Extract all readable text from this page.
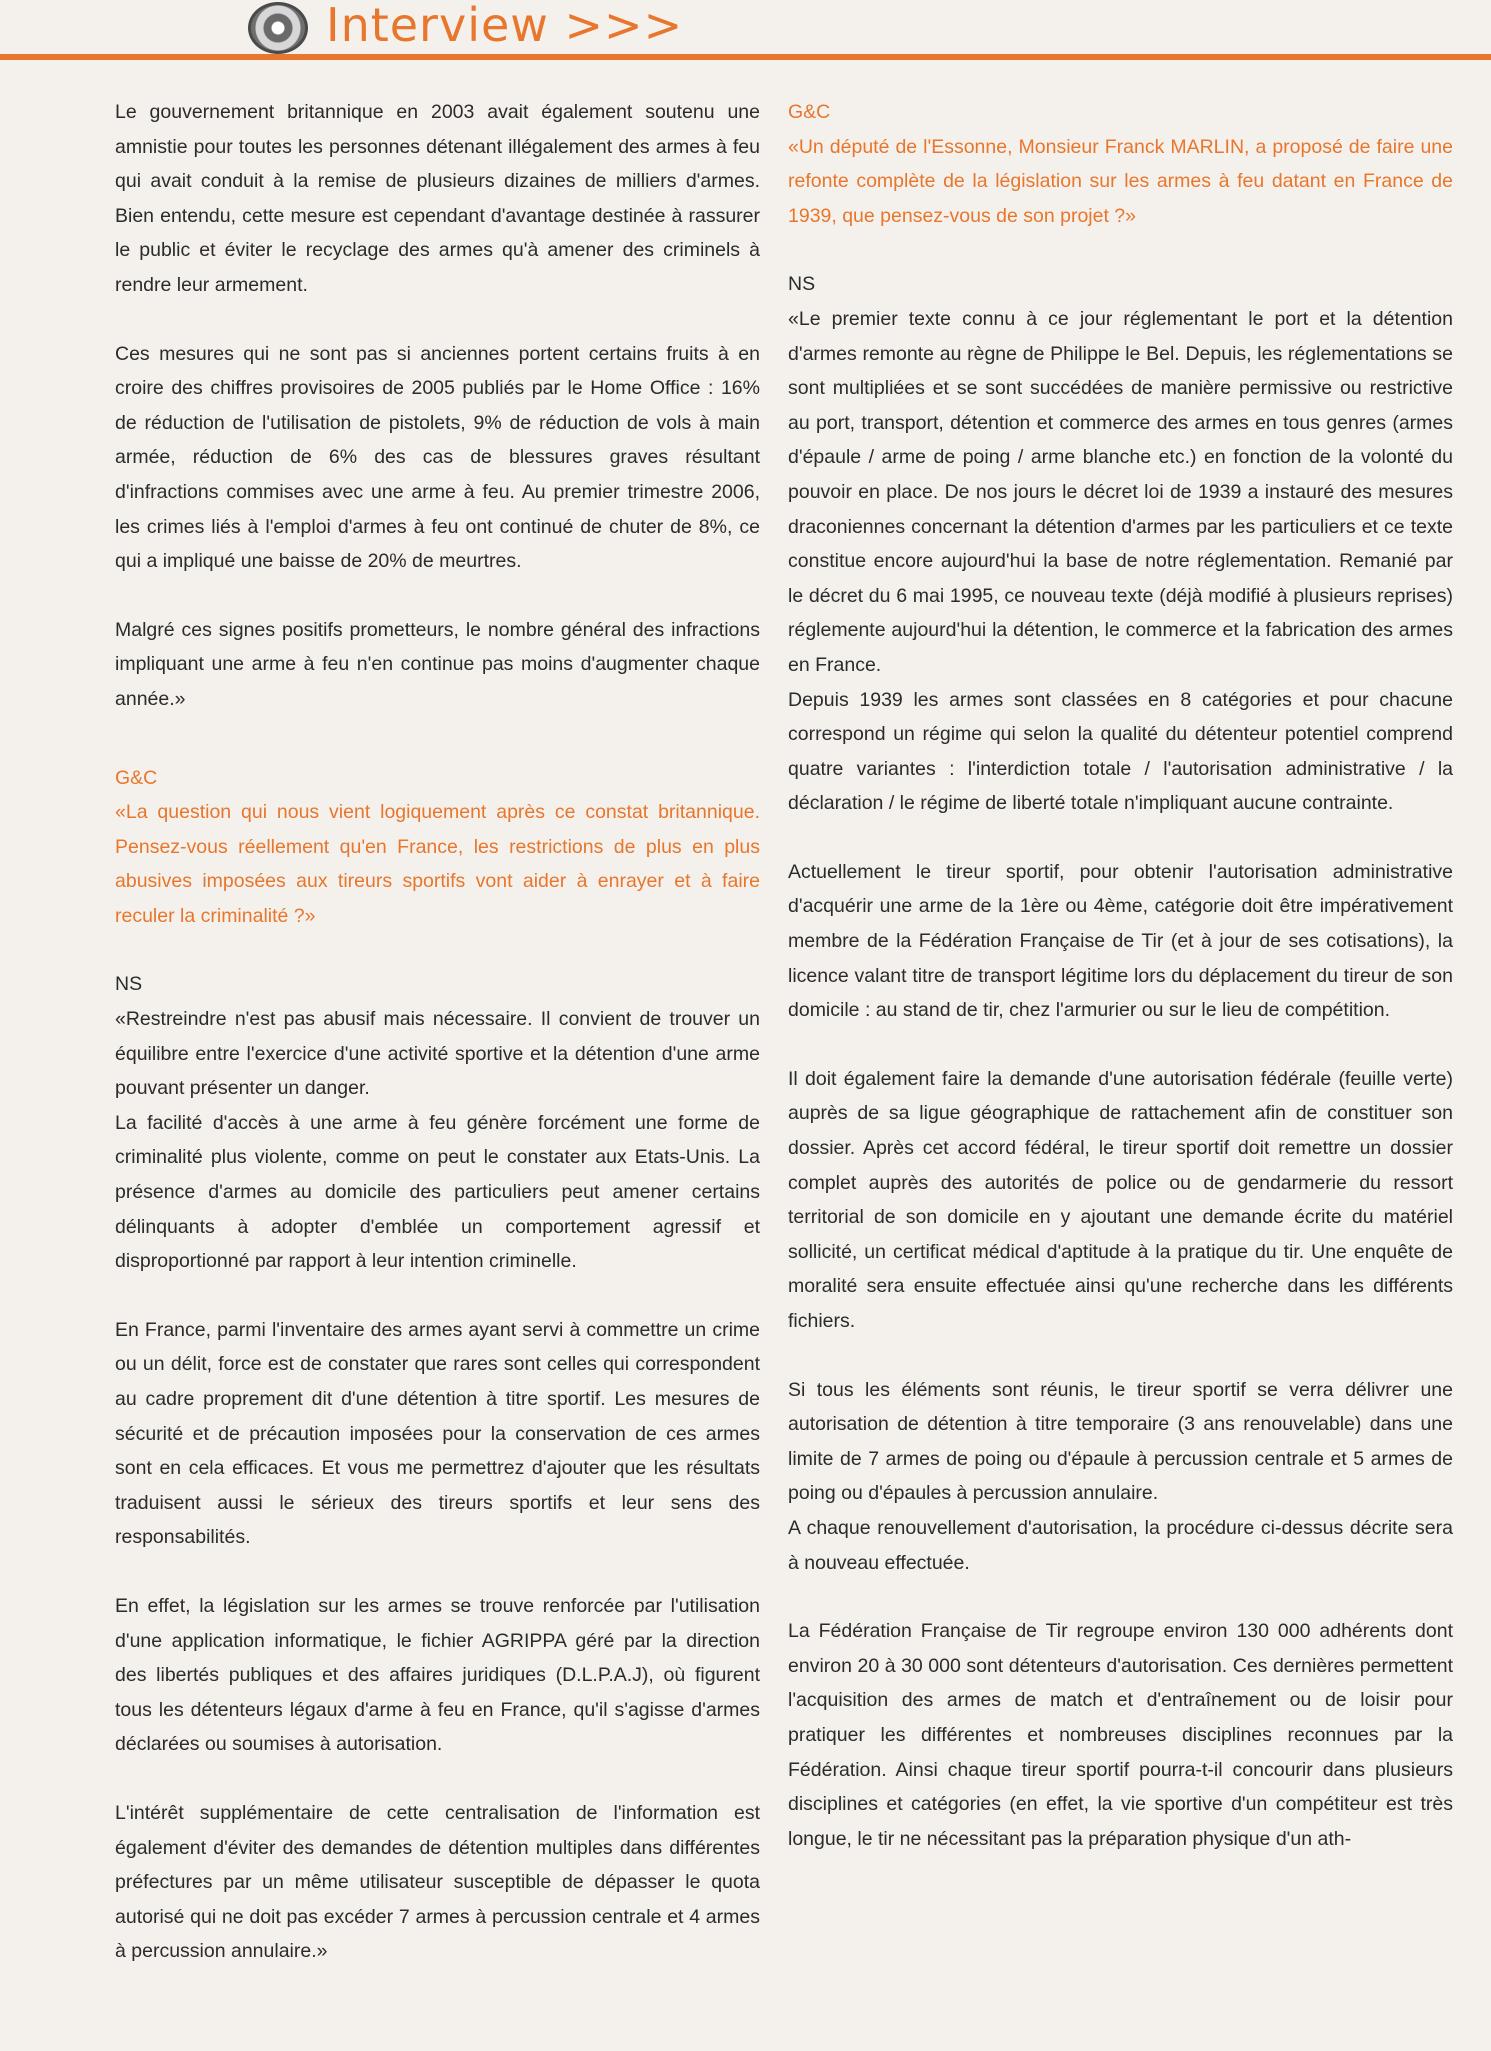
Interview >>>

Le gouvernement britannique en 2003 avait également soutenu une amnistie pour toutes les personnes détenant illégalement des armes à feu qui avait conduit à la remise de plusieurs dizaines de milliers d'armes. Bien entendu, cette mesure est cependant d'avantage destinée à rassurer le public et éviter le recyclage des armes qu'à amener des criminels à rendre leur armement.

Ces mesures qui ne sont pas si anciennes portent certains fruits à en croire des chiffres provisoires de 2005 publiés par le Home Office : 16% de réduction de l'utilisation de pistolets, 9% de réduction de vols à main armée, réduction de 6% des cas de blessures graves résultant d'infractions commises avec une arme à feu. Au premier trimestre 2006, les crimes liés à l'emploi d'armes à feu ont continué de chuter de 8%, ce qui a impliqué une baisse de 20% de meurtres.

Malgré ces signes positifs prometteurs, le nombre général des infractions impliquant une arme à feu n'en continue pas moins d'augmenter chaque année.»

G&C

«La question qui nous vient logiquement après ce constat britannique. Pensez-vous réellement qu'en France, les restrictions de plus en plus abusives imposées aux tireurs sportifs vont aider à enrayer et à faire reculer la criminalité ?»

NS

«Restreindre n'est pas abusif mais nécessaire. Il convient de trouver un équilibre entre l'exercice d'une activité sportive et la détention d'une arme pouvant présenter un danger.

La facilité d'accès à une arme à feu génère forcément une forme de criminalité plus violente, comme on peut le constater aux Etats-Unis. La présence d'armes au domicile des particuliers peut amener certains délinquants à adopter d'emblée un comportement agressif et disproportionné par rapport à leur intention criminelle.

En France, parmi l'inventaire des armes ayant servi à commettre un crime ou un délit, force est de constater que rares sont celles qui correspondent au cadre proprement dit d'une détention à titre sportif. Les mesures de sécurité et de précaution imposées pour la conservation de ces armes sont en cela efficaces. Et vous me permettrez d'ajouter que les résultats traduisent aussi le sérieux des tireurs sportifs et leur sens des responsabilités.

En effet, la législation sur les armes se trouve renforcée par l'utilisation d'une application informatique, le fichier AGRIPPA géré par la direction des libertés publiques et des affaires juridiques (D.L.P.A.J), où figurent tous les détenteurs légaux d'arme à feu en France, qu'il s'agisse d'armes déclarées ou soumises à autorisation.

L'intérêt supplémentaire de cette centralisation de l'information est également d'éviter des demandes de détention multiples dans différentes préfectures par un même utilisateur susceptible de dépasser le quota autorisé qui ne doit pas excéder 7 armes à percussion centrale et 4 armes à percussion annulaire.»

G&C

«Un député de l'Essonne, Monsieur Franck MARLIN, a proposé de faire une refonte complète de la législation sur les armes à feu datant en France de 1939, que pensez-vous de son projet ?»

NS

«Le premier texte connu à ce jour réglementant le port et la détention d'armes remonte au règne de Philippe le Bel. Depuis, les réglementations se sont multipliées et se sont succédées de manière permissive ou restrictive au port, transport, détention et commerce des armes en tous genres (armes d'épaule / arme de poing / arme blanche etc.) en fonction de la volonté du pouvoir en place. De nos jours le décret loi de 1939 a instauré des mesures draconiennes concernant la détention d'armes par les particuliers et ce texte constitue encore aujourd'hui la base de notre réglementation. Remanié par le décret du 6 mai 1995, ce nouveau texte (déjà modifié à plusieurs reprises) réglemente aujourd'hui la détention, le commerce et la fabrication des armes en France.

Depuis 1939 les armes sont classées en 8 catégories et pour chacune correspond un régime qui selon la qualité du détenteur potentiel comprend quatre variantes : l'interdiction totale / l'autorisation administrative / la déclaration / le régime de liberté totale n'impliquant aucune contrainte.

Actuellement le tireur sportif, pour obtenir l'autorisation administrative d'acquérir une arme de la 1ère ou 4ème, catégorie doit être impérativement membre de la Fédération Française de Tir (et à jour de ses cotisations), la licence valant titre de transport légitime lors du déplacement du tireur de son domicile : au stand de tir, chez l'armurier ou sur le lieu de compétition.

Il doit également faire la demande d'une autorisation fédérale (feuille verte) auprès de sa ligue géographique de rattachement afin de constituer son dossier. Après cet accord fédéral, le tireur sportif doit remettre un dossier complet auprès des autorités de police ou de gendarmerie du ressort territorial de son domicile en y ajoutant une demande écrite du matériel sollicité, un certificat médical d'aptitude à la pratique du tir. Une enquête de moralité sera ensuite effectuée ainsi qu'une recherche dans les différents fichiers.

Si tous les éléments sont réunis, le tireur sportif se verra délivrer une autorisation de détention à titre temporaire (3 ans renouvelable) dans une limite de 7 armes de poing ou d'épaule à percussion centrale et 5 armes de poing ou d'épaules à percussion annulaire.

A chaque renouvellement d'autorisation, la procédure ci-dessus décrite sera à nouveau effectuée.

La Fédération Française de Tir regroupe environ 130 000 adhérents dont environ 20 à 30 000 sont détenteurs d'autorisation. Ces dernières permettent l'acquisition des armes de match et d'entraînement ou de loisir pour pratiquer les différentes et nombreuses disciplines reconnues par la Fédération. Ainsi chaque tireur sportif pourra-t-il concourir dans plusieurs disciplines et catégories (en effet, la vie sportive d'un compétiteur est très longue, le tir ne nécessitant pas la préparation physique d'un ath-
